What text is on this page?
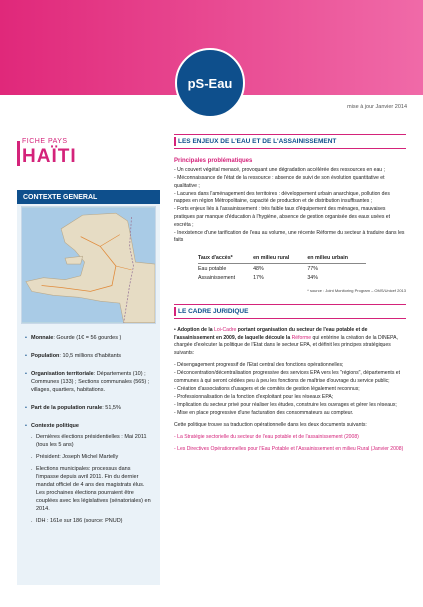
pS-Eau
mise à jour Janvier 2014
FICHE PAYS
HAÏTI
CONTEXTE GENERAL
• Monnaie: Gourde (1€ = 56 gourdes )
• Population: 10,5 millions d'habitants
• Organisation territoriale: Départements (10) ; Communes (133) ; Sections communales (565) ; villages, quartiers, habitations.
• Part de la population rurale: 51,5%
• Contexte politique
. Dernières élections présidentielles : Mai 2011 (tous les 5 ans)
. Président: Joseph Michel Martelly
. Elections municipales: processus dans l'impasse depuis avril 2011. Fin du dernier mandat officiel de 4 ans des magistrats élus. Les prochaines élections pourraient être couplées avec les législatives (sénatoriales) en 2014.
. IDH : 161e sur 186 (source: PNUD)
LES ENJEUX DE L'EAU ET DE L'ASSAINISSEMENT
Principales problématiques

- Un couvert végétal menacé, provoquant une dégradation accélérée des ressources en eau ;

- Méconnaissance de l'état de la ressource : absence de suivi de son évolution quantitative et qualitative ;

- Lacunes dans l'aménagement des territoires : développement urbain anarchique, pollution des nappes en région Métropolitaine, capacité de production et de distribution insuffisantes ;

- Forts enjeux liés à l'assainissement : très faible taux d'équipement des ménages, mauvaises pratiques par manque d'éducation à l'hygiène, absence de gestion organisée des eaux usées et excréta ;

- Inexistence d'une tarification de l'eau au volume, une récente Réforme du secteur à traduire dans les faits

Taux d'accès*	en milieu rural	en milieu urbain
Eau potable	48%	77%
Assainissement	17%	34%
* source : Joint Monitoring Program – OMS/Unicef 2013
LE CADRE JURIDIQUE

• Adoption de la Loi-Cadre portant organisation du secteur de l'eau potable et de l'assainissement en 2009, de laquelle découle la Réforme qui entérine la création de la DINEPA, chargée d'exécuter la politique de l'Etat dans le secteur EPA, et définit les principes stratégiques suivants:

- Désengagement progressif de l'Etat central des fonctions opérationnelles;

- Déconcentration/décentralisation progressive des services EPA vers les "régions", départements et communes à qui seront cédées peu à peu les fonctions de maîtrise d'ouvrage du service public;

- Création d'associations d'usagers et de comités de gestion légalement reconnus;

- Professionnalisation de la fonction d'exploitant pour les réseaux EPA;

- Implication du secteur privé pour réaliser les études, construire les ouvrages et gérer les réseaux;

- Mise en place progressive d'une facturation des consommateurs au compteur.

Cette politique trouve sa traduction opérationnelle dans les deux documents suivants:

- La Stratégie sectorielle du secteur de l'eau potable et de l'assainissement (2008)

- Les Directives Opérationnelles pour l'Eau Potable et l'Assainissement en milieu Rural (Janvier 2008)
